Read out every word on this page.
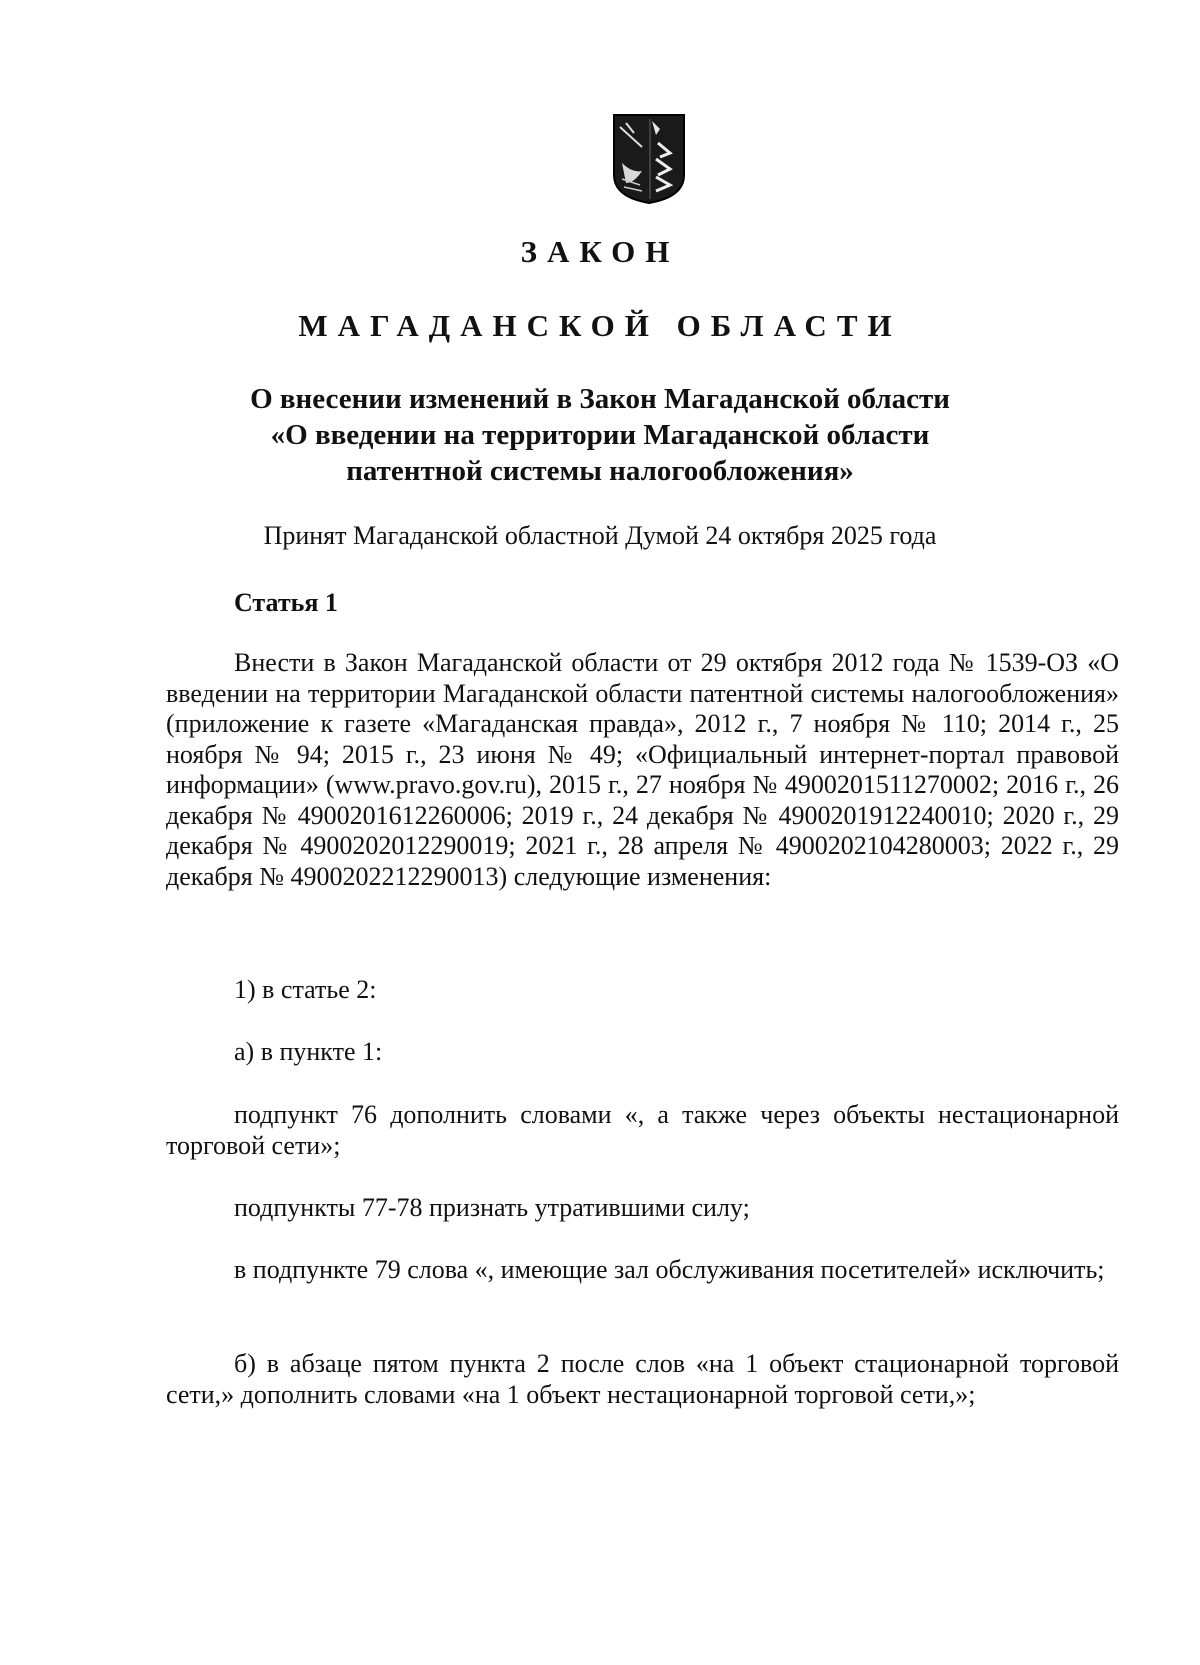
ЗАКОН
МАГАДАНСКОЙ ОБЛАСТИ
О внесении изменений в Закон Магаданской области
«О введении на территории Магаданской области
патентной системы налогообложения»
Принят Магаданской областной Думой 24 октября 2025 года
Статья 1

Внести в Закон Магаданской области от 29 октября 2012 года № 1539-ОЗ «О введении на территории Магаданской области патентной системы налогообложения» (приложение к газете «Магаданская правда», 2012 г., 7 ноября № 110; 2014 г., 25 ноября № 94; 2015 г., 23 июня № 49; «Официальный интернет-портал правовой информации» (www.pravo.gov.ru), 2015 г., 27 ноября № 4900201511270002; 2016 г., 26 декабря № 4900201612260006; 2019 г., 24 декабря № 4900201912240010; 2020 г., 29 декабря № 4900202012290019; 2021 г., 28 апреля № 4900202104280003; 2022 г., 29 декабря № 4900202212290013) следующие изменения:

1) в статье 2:

а) в пункте 1:

подпункт 76 дополнить словами «, а также через объекты нестационарной торговой сети»;

подпункты 77-78 признать утратившими силу;

в подпункте 79 слова «, имеющие зал обслуживания посетителей» исключить;

б) в абзаце пятом пункта 2 после слов «на 1 объект стационарной торговой сети,» дополнить словами «на 1 объект нестационарной торговой сети,»;
